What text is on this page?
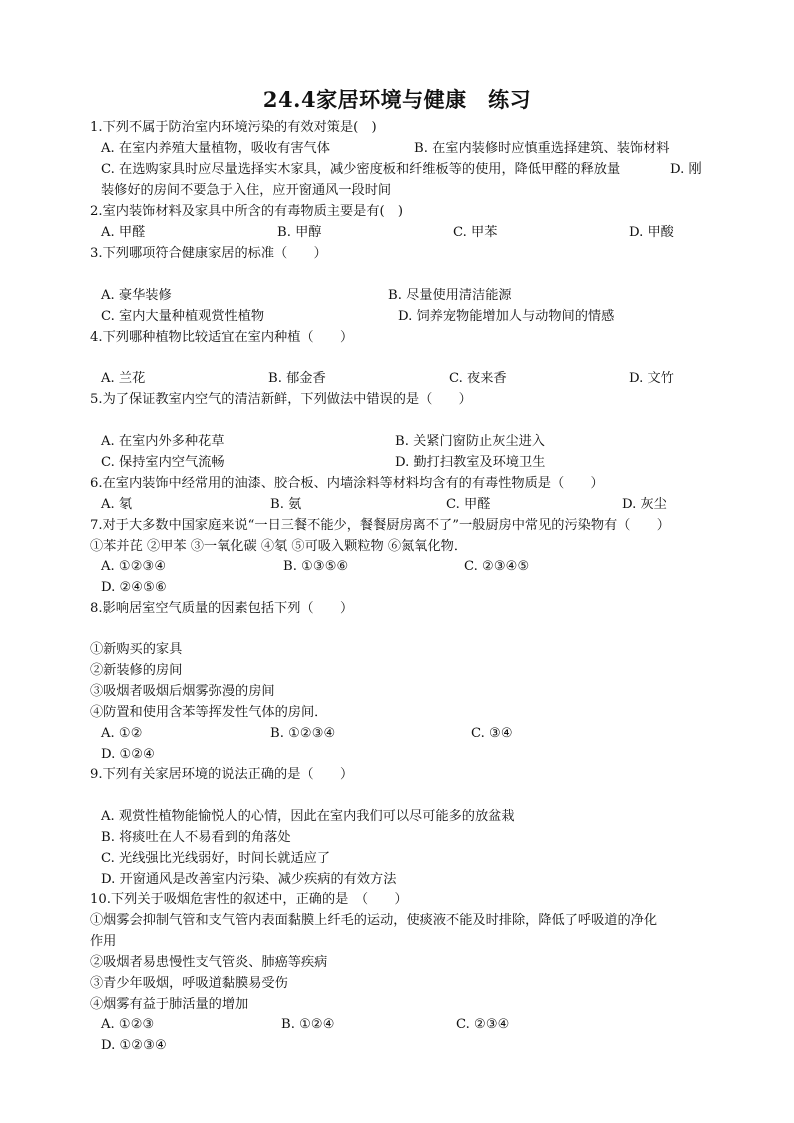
24.4家居环境与健康　练习
1.下列不属于防治室内环境污染的有效对策是(　)
A. 在室内养殖大量植物，吸收有害气体	B. 在室内装修时应慎重选择建筑、装饰材料
C. 在选购家具时应尽量选择实木家具，减少密度板和纤维板等的使用，降低甲醛的释放量	D. 刚
装修好的房间不要急于入住，应开窗通风一段时间
2.室内装饰材料及家具中所含的有毒物质主要是有(　)
A. 甲醛	B. 甲醇	C. 甲苯	D. 甲酸
3.下列哪项符合健康家居的标准（　　）
A. 豪华装修	B. 尽量使用清洁能源
C. 室内大量种植观赏性植物	D. 饲养宠物能增加人与动物间的情感
4.下列哪种植物比较适宜在室内种植（　　）
A. 兰花	B. 郁金香	C. 夜来香	D. 文竹
5.为了保证教室内空气的清洁新鲜，下列做法中错误的是（　　）
A. 在室内外多种花草	B. 关紧门窗防止灰尘进入
C. 保持室内空气流畅	D. 勤打扫教室及环境卫生
6.在室内装饰中经常用的油漆、胶合板、内墙涂料等材料均含有的有毒性物质是（　　）
A. 氡	B. 氨	C. 甲醛	D. 灰尘
7.对于大多数中国家庭来说“一日三餐不能少，餐餐厨房离不了”一般厨房中常见的污染物有（　　）
①苯并芘 ②甲苯 ③一氧化碳 ④氡 ⑤可吸入颗粒物 ⑥氮氧化物．
A. ①②③④	B. ①③⑤⑥	C. ②③④⑤
D. ②④⑤⑥
8.影响居室空气质量的因素包括下列（　　）
①新购买的家具
②新装修的房间
③吸烟者吸烟后烟雾弥漫的房间
④防置和使用含苯等挥发性气体的房间．
A. ①②	B. ①②③④	C. ③④
D. ①②④
9.下列有关家居环境的说法正确的是（　　）
A. 观赏性植物能愉悦人的心情，因此在室内我们可以尽可能多的放盆栽
B. 将痰吐在人不易看到的角落处
C. 光线强比光线弱好，时间长就适应了
D. 开窗通风是改善室内污染、减少疾病的有效方法
10.下列关于吸烟危害性的叙述中，正确的是　（　　）
①烟雾会抑制气管和支气管内表面黏膜上纤毛的运动，使痰液不能及时排除，降低了呼吸道的净化
作用
②吸烟者易患慢性支气管炎、肺癌等疾病
③青少年吸烟，呼吸道黏膜易受伤
④烟雾有益于肺活量的增加
A. ①②③	B. ①②④	C. ②③④
D. ①②③④
